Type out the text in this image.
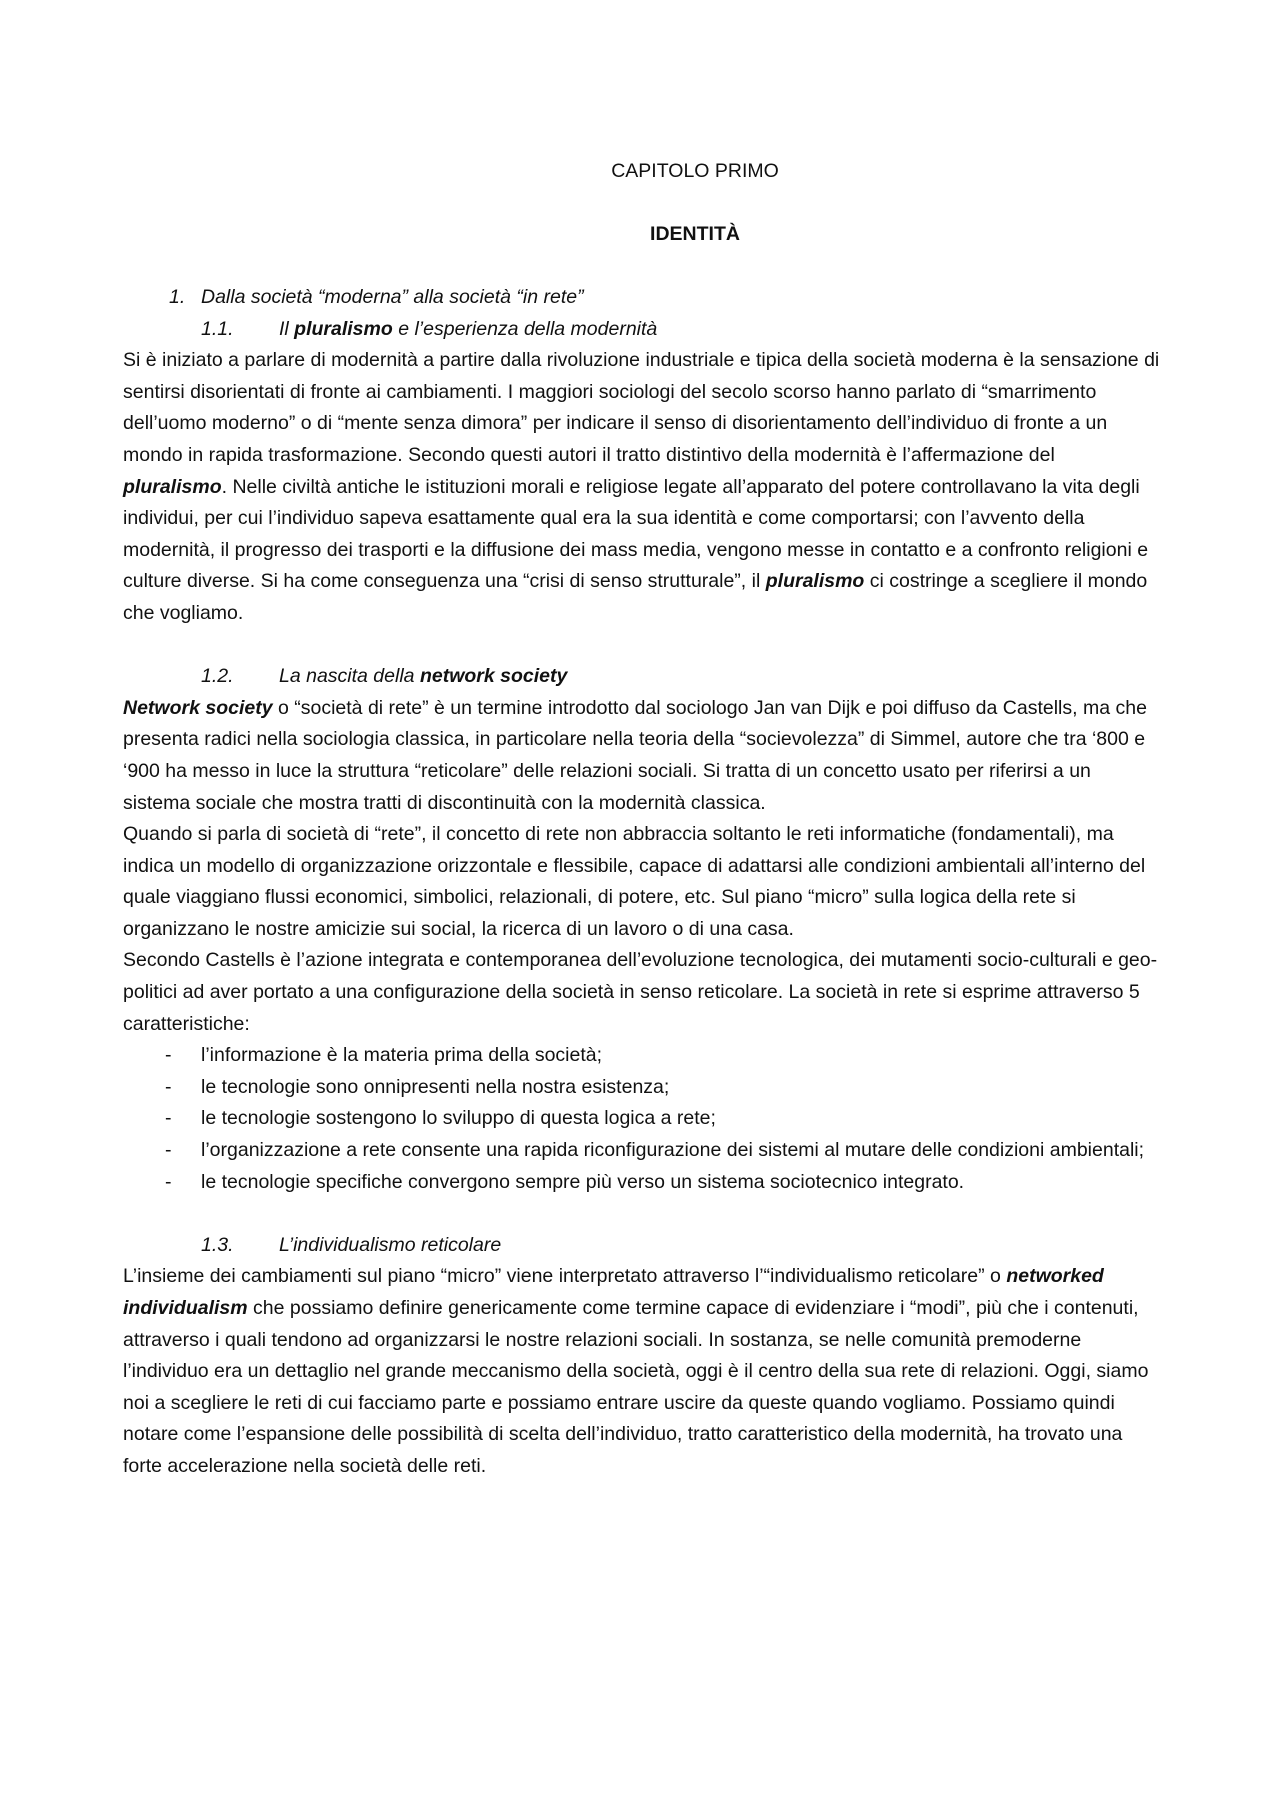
CAPITOLO PRIMO
IDENTITÀ
1. Dalla società “moderna” alla società “in rete”
1.1. Il pluralismo e l’esperienza della modernità

Si è iniziato a parlare di modernità a partire dalla rivoluzione industriale e tipica della società moderna è la sensazione di sentirsi disorientati di fronte ai cambiamenti. I maggiori sociologi del secolo scorso hanno parlato di “smarrimento dell’uomo moderno” o di “mente senza dimora” per indicare il senso di disorientamento dell’individuo di fronte a un mondo in rapida trasformazione. Secondo questi autori il tratto distintivo della modernità è l’affermazione del pluralismo. Nelle civiltà antiche le istituzioni morali e religiose legate all’apparato del potere controllavano la vita degli individui, per cui l’individuo sapeva esattamente qual era la sua identità e come comportarsi; con l’avvento della modernità, il progresso dei trasporti e la diffusione dei mass media, vengono messe in contatto e a confronto religioni e culture diverse. Si ha come conseguenza una “crisi di senso strutturale”, il pluralismo ci costringe a scegliere il mondo che vogliamo.

1.2. La nascita della network society

Network society o “società di rete” è un termine introdotto dal sociologo Jan van Dijk e poi diffuso da Castells, ma che presenta radici nella sociologia classica, in particolare nella teoria della “socievolezza” di Simmel, autore che tra ‘800 e ‘900 ha messo in luce la struttura “reticolare” delle relazioni sociali. Si tratta di un concetto usato per riferirsi a un sistema sociale che mostra tratti di discontinuità con la modernità classica.

Quando si parla di società di “rete”, il concetto di rete non abbraccia soltanto le reti informatiche (fondamentali), ma indica un modello di organizzazione orizzontale e flessibile, capace di adattarsi alle condizioni ambientali all’interno del quale viaggiano flussi economici, simbolici, relazionali, di potere, etc. Sul piano “micro” sulla logica della rete si organizzano le nostre amicizie sui social, la ricerca di un lavoro o di una casa.

Secondo Castells è l’azione integrata e contemporanea dell’evoluzione tecnologica, dei mutamenti socio-culturali e geo-politici ad aver portato a una configurazione della società in senso reticolare. La società in rete si esprime attraverso 5 caratteristiche:

- l’informazione è la materia prima della società;
- le tecnologie sono onnipresenti nella nostra esistenza;
- le tecnologie sostengono lo sviluppo di questa logica a rete;
- l’organizzazione a rete consente una rapida riconfigurazione dei sistemi al mutare delle condizioni ambientali;
- le tecnologie specifiche convergono sempre più verso un sistema sociotecnico integrato.
1.3. L’individualismo reticolare

L’insieme dei cambiamenti sul piano “micro” viene interpretato attraverso l’“individualismo reticolare” o networked individualism che possiamo definire genericamente come termine capace di evidenziare i “modi”, più che i contenuti, attraverso i quali tendono ad organizzarsi le nostre relazioni sociali. In sostanza, se nelle comunità premoderne l’individuo era un dettaglio nel grande meccanismo della società, oggi è il centro della sua rete di relazioni. Oggi, siamo noi a scegliere le reti di cui facciamo parte e possiamo entrare uscire da queste quando vogliamo. Possiamo quindi notare come l’espansione delle possibilità di scelta dell’individuo, tratto caratteristico della modernità, ha trovato una forte accelerazione nella società delle reti.
